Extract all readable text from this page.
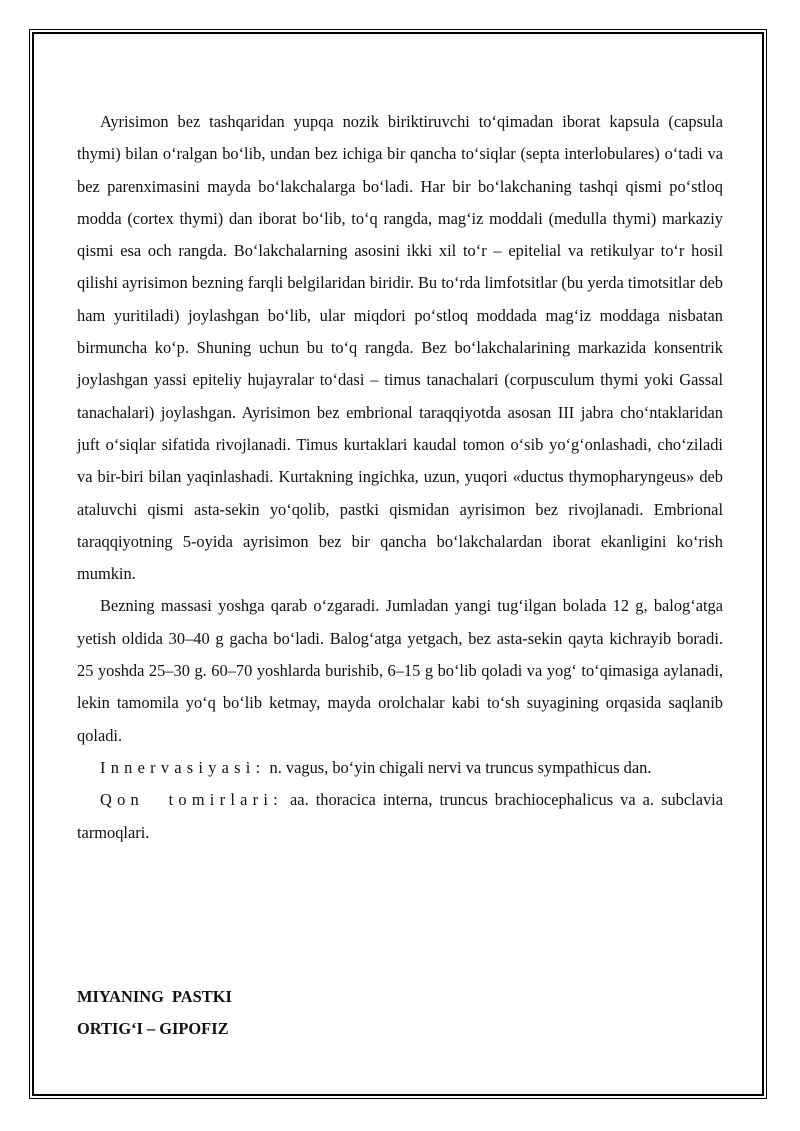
Ayrisimon bez tashqaridan yupqa nozik biriktiruvchi to‘qimadan iborat kapsula (capsula thymi) bilan o‘ralgan bo‘lib, undan bez ichiga bir qancha to‘siqlar (septa interlobulares) o‘tadi va bez parenximasini mayda bo‘lakchalarga bo‘ladi. Har bir bo‘lakchaning tashqi qismi po‘stloq modda (cortex thymi) dan iborat bo‘lib, to‘q rangda, mag‘iz moddali (medulla thymi) markaziy qismi esa och rangda. Bo‘lakchalarning asosini ikki xil to‘r – epitelial va retikulyar to‘r hosil qilishi ayrisimon bezning farqli belgilaridan biridir. Bu to‘rda limfotsitlar (bu yerda timotsitlar deb ham yuritiladi) joylashgan bo‘lib, ular miqdori po‘stloq moddada mag‘iz moddaga nisbatan birmuncha ko‘p. Shuning uchun bu to‘q rangda. Bez bo‘lakchalarining markazida konsentrik joylashgan yassi epiteliy hujayralar to‘dasi – timus tanachalari (corpusculum thymi yoki Gassal tanachalari) joylashgan. Ayrisimon bez embrional taraqqiyotda asosan III jabra cho‘ntaklaridan juft o‘siqlar sifatida rivojlanadi. Timus kurtaklari kaudal tomon o‘sib yo‘g‘onlashadi, cho‘ziladi va bir-biri bilan yaqinlashadi. Kurtakning ingichka, uzun, yuqori «ductus thymopharyngeus» deb ataluvchi qismi asta-sekin yo‘qolib, pastki qismidan ayrisimon bez rivojlanadi. Embrional taraqqiyotning 5-oyida ayrisimon bez bir qancha bo‘lakchalardan iborat ekanligini ko‘rish mumkin.

Bezning massasi yoshga qarab o‘zgaradi. Jumladan yangi tug‘ilgan bolada 12 g, balog‘atga yetish oldida 30–40 g gacha bo‘ladi. Balog‘atga yetgach, bez asta-sekin qayta kichrayib boradi. 25 yoshda 25–30 g. 60–70 yoshlarda burishib, 6–15 g bo‘lib qoladi va yog‘ to‘qimasiga aylanadi, lekin tamomila yo‘q bo‘lib ketmay, mayda orolchalar kabi to‘sh suyagining orqasida saqlanib qoladi.

Innervasiyasi: n. vagus, bo‘yin chigali nervi va truncus sympathicus dan.

Qon  tomirlari: aa. thoracica interna, truncus brachiocephalicus va a. subclavia tarmoqlari.

MIYANING  PASTKI
ORTIG‘I – GIPOFIZ
